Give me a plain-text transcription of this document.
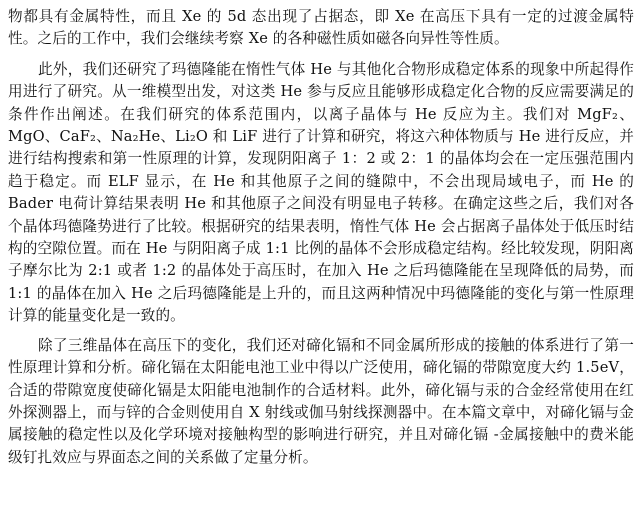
物都具有金属特性，而且 Xe 的 5d 态出现了占据态，即 Xe 在高压下具有一定的过渡金属特性。之后的工作中，我们会继续考察 Xe 的各种磁性质如磁各向异性等性质。

此外，我们还研究了玛德隆能在惰性气体 He 与其他化合物形成稳定体系的现象中所起得作用进行了研究。从一维模型出发，对这类 He 参与反应且能够形成稳定化合物的反应需要满足的条件作出阐述。在我们研究的体系范围内，以离子晶体与 He 反应为主。我们对 MgF₂、MgO、CaF₂、Na₂He、Li₂O 和 LiF 进行了计算和研究，将这六种体物质与 He 进行反应，并进行结构搜索和第一性原理的计算，发现阴阳离子 1：2 或 2：1 的晶体均会在一定压强范围内趋于稳定。而 ELF 显示，在 He 和其他原子之间的缝隙中，不会出现局域电子，而 He 的 Bader 电荷计算结果表明 He 和其他原子之间没有明显电子转移。在确定这些之后，我们对各个晶体玛德隆势进行了比较。根据研究的结果表明，惰性气体 He 会占据离子晶体处于低压时结构的空隙位置。而在 He 与阴阳离子成 1:1 比例的晶体不会形成稳定结构。经比较发现，阴阳离子摩尔比为 2:1 或者 1:2 的晶体处于高压时，在加入 He 之后玛德隆能在呈现降低的局势，而 1:1 的晶体在加入 He 之后玛德隆能是上升的，而且这两种情况中玛德隆能的变化与第一性原理计算的能量变化是一致的。

除了三维晶体在高压下的变化，我们还对碲化镉和不同金属所形成的接触的体系进行了第一性原理计算和分析。碲化镉在太阳能电池工业中得以广泛使用，碲化镉的带隙宽度大约 1.5eV，合适的带隙宽度使碲化镉是太阳能电池制作的合适材料。此外，碲化镉与汞的合金经常使用在红外探测器上，而与锌的合金则使用自 X 射线或伽马射线探测器中。在本篇文章中，对碲化镉与金属接触的稳定性以及化学环境对接触构型的影响进行研究，并且对碲化镉 -金属接触中的费米能级钉扎效应与界面态之间的关系做了定量分析。
